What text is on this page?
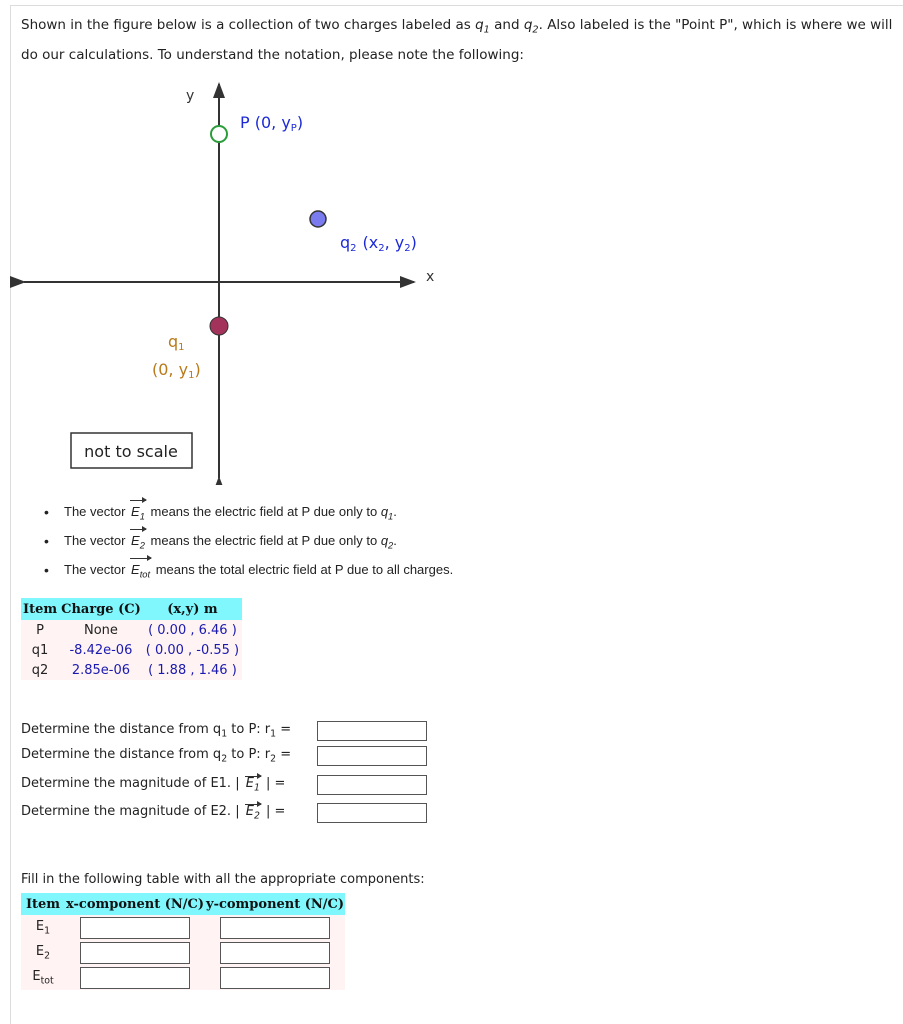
Shown in the figure below is a collection of two charges labeled as $q_1$ and $q_2$. Also labeled is the "Point P", which is where we will do our calculations. To understand the notation, please note the following:

y
x
P (0, yP)
q2 (x2, y2)
q1
(0, y1)
not to scale
• The vector $E_1$ means the electric field at P due only to $q_1$.
• The vector $E_2$ means the electric field at P due only to $q_2$.
• The vector $E_{tot}$ means the total electric field at P due to all charges.
Item	Charge (C)	(x,y) m
P	None	( 0.00 , 6.46 )
q1	-8.42e-06	( 0.00 , -0.55 )
q2	2.85e-06	( 1.88 , 1.46 )
Determine the distance from $q_1$ to P: $r_1$ =
Determine the distance from $q_2$ to P: $r_2$ =
Determine the magnitude of E1. | $E_1$ | =
Determine the magnitude of E2. | $E_2$ | =
Fill in the following table with all the appropriate components:
Item	x-component (N/C)	y-component (N/C)
$E_1$	

$E_2$	

$E_{tot}$	
